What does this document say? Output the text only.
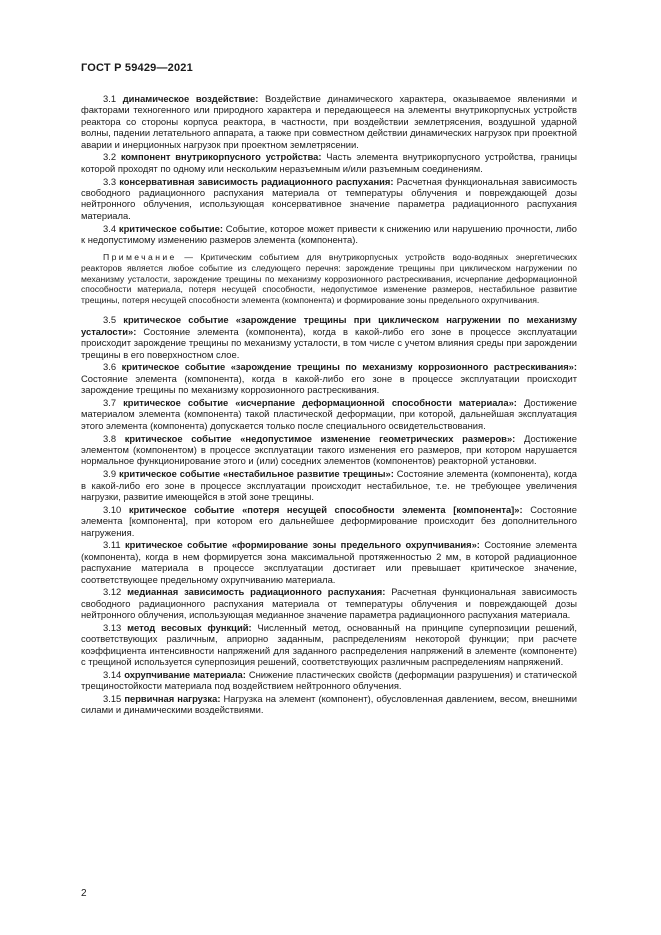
ГОСТ Р 59429—2021

3.1 динамическое воздействие: Воздействие динамического характера, оказываемое явлениями и факторами техногенного или природного характера и передающееся на элементы внутрикорпусных устройств реактора со стороны корпуса реактора, в частности, при воздействии землетрясения, воздушной ударной волны, падении летательного аппарата, а также при совместном действии динамических нагрузок при проектной аварии и инерционных нагрузок при проектном землетрясении.

3.2 компонент внутрикорпусного устройства: Часть элемента внутрикорпусного устройства, границы которой проходят по одному или нескольким неразъемным и/или разъемным соединениям.

3.3 консервативная зависимость радиационного распухания: Расчетная функциональная зависимость свободного радиационного распухания материала от температуры облучения и повреждающей дозы нейтронного облучения, использующая консервативное значение параметра радиационного распухания материала.

3.4 критическое событие: Событие, которое может привести к снижению или нарушению прочности, либо к недопустимому изменению размеров элемента (компонента).

Примечание — Критическим событием для внутрикорпусных устройств водо-водяных энергетических реакторов является любое событие из следующего перечня: зарождение трещины при циклическом нагружении по механизму усталости, зарождение трещины по механизму коррозионного растрескивания, исчерпание деформационной способности материала, потеря несущей способности, недопустимое изменение размеров, нестабильное развитие трещины, потеря несущей способности элемента (компонента) и формирование зоны предельного охрупчивания.

3.5 критическое событие «зарождение трещины при циклическом нагружении по механизму усталости»: Состояние элемента (компонента), когда в какой-либо его зоне в процессе эксплуатации происходит зарождение трещины по механизму усталости, в том числе с учетом влияния среды при зарождении трещины в его поверхностном слое.

3.6 критическое событие «зарождение трещины по механизму коррозионного растрескивания»: Состояние элемента (компонента), когда в какой-либо его зоне в процессе эксплуатации происходит зарождение трещины по механизму коррозионного растрескивания.

3.7 критическое событие «исчерпание деформационной способности материала»: Достижение материалом элемента (компонента) такой пластической деформации, при которой, дальнейшая эксплуатация этого элемента (компонента) допускается только после специального освидетельствования.

3.8 критическое событие «недопустимое изменение геометрических размеров»: Достижение элементом (компонентом) в процессе эксплуатации такого изменения его размеров, при котором нарушается нормальное функционирование этого и (или) соседних элементов (компонентов) реакторной установки.

3.9 критическое событие «нестабильное развитие трещины»: Состояние элемента (компонента), когда в какой-либо его зоне в процессе эксплуатации происходит нестабильное, т.е. не требующее увеличения нагрузки, развитие имеющейся в этой зоне трещины.

3.10 критическое событие «потеря несущей способности элемента [компонента]»: Состояние элемента [компонента], при котором его дальнейшее деформирование происходит без дополнительного нагружения.

3.11 критическое событие «формирование зоны предельного охрупчивания»: Состояние элемента (компонента), когда в нем формируется зона максимальной протяженностью 2 мм, в которой радиационное распухание материала в процессе эксплуатации достигает или превышает критическое значение, соответствующее предельному охрупчиванию материала.

3.12 медианная зависимость радиационного распухания: Расчетная функциональная зависимость свободного радиационного распухания материала от температуры облучения и повреждающей дозы нейтронного облучения, использующая медианное значение параметра радиационного распухания материала.

3.13 метод весовых функций: Численный метод, основанный на принципе суперпозиции решений, соответствующих различным, априорно заданным, распределениям некоторой функции; при расчете коэффициента интенсивности напряжений для заданного распределения напряжений в элементе (компоненте) с трещиной используется суперпозиция решений, соответствующих различным распределениям напряжений.

3.14 охрупчивание материала: Снижение пластических свойств (деформации разрушения) и статической трещиностойкости материала под воздействием нейтронного облучения.

3.15 первичная нагрузка: Нагрузка на элемент (компонент), обусловленная давлением, весом, внешними силами и динамическими воздействиями.

2
